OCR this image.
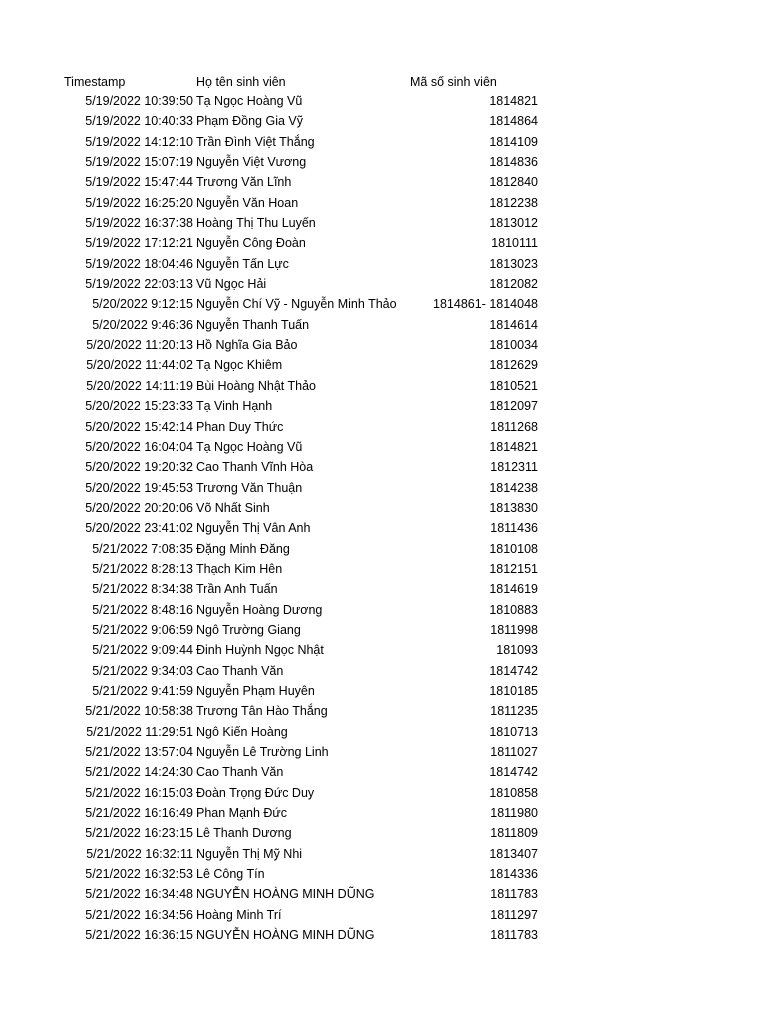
Timestamp	Họ tên sinh viên	Mã số sinh viên
5/19/2022 10:39:50 Tạ Ngọc Hoàng Vũ	1814821
5/19/2022 10:40:33 Phạm Đồng Gia Vỹ	1814864
5/19/2022 14:12:10 Trần Đình Việt Thắng	1814109
5/19/2022 15:07:19 Nguyễn Việt Vương	1814836
5/19/2022 15:47:44 Trương Văn Lĩnh	1812840
5/19/2022 16:25:20 Nguyễn Văn Hoan	1812238
5/19/2022 16:37:38 Hoàng Thị Thu Luyến	1813012
5/19/2022 17:12:21 Nguyễn Công Đoàn	1810111
5/19/2022 18:04:46 Nguyễn Tấn Lực	1813023
5/19/2022 22:03:13 Vũ Ngọc Hải	1812082
5/20/2022 9:12:15 Nguyễn Chí Vỹ - Nguyễn Minh Thảo	1814861- 1814048
5/20/2022 9:46:36 Nguyễn Thanh Tuấn	1814614
5/20/2022 11:20:13 Hồ Nghĩa Gia Bảo	1810034
5/20/2022 11:44:02 Tạ Ngọc Khiêm	1812629
5/20/2022 14:11:19 Bùi Hoàng Nhật Thảo	1810521
5/20/2022 15:23:33 Tạ Vinh Hạnh	1812097
5/20/2022 15:42:14 Phan Duy Thức	1811268
5/20/2022 16:04:04 Tạ Ngọc Hoàng Vũ	1814821
5/20/2022 19:20:32 Cao Thanh Vĩnh Hòa	1812311
5/20/2022 19:45:53 Trương Văn Thuận	1814238
5/20/2022 20:20:06 Võ Nhất Sinh	1813830
5/20/2022 23:41:02 Nguyễn Thị Vân Anh	1811436
5/21/2022 7:08:35 Đặng Minh Đăng	1810108
5/21/2022 8:28:13 Thạch Kim Hên	1812151
5/21/2022 8:34:38 Trần Anh Tuấn	1814619
5/21/2022 8:48:16 Nguyễn Hoàng Dương	1810883
5/21/2022 9:06:59 Ngô Trường Giang	1811998
5/21/2022 9:09:44 Đinh Huỳnh Ngọc Nhật	181093
5/21/2022 9:34:03 Cao Thanh Văn	1814742
5/21/2022 9:41:59 Nguyễn Phạm Huyên	1810185
5/21/2022 10:58:38 Trương Tân Hào Thắng	1811235
5/21/2022 11:29:51 Ngô Kiến Hoàng	1810713
5/21/2022 13:57:04 Nguyễn Lê Trường Linh	1811027
5/21/2022 14:24:30 Cao Thanh Văn	1814742
5/21/2022 16:15:03 Đoàn Trọng Đức Duy	1810858
5/21/2022 16:16:49 Phan Mạnh Đức	1811980
5/21/2022 16:23:15 Lê Thanh Dương	1811809
5/21/2022 16:32:11 Nguyễn Thị Mỹ Nhi	1813407
5/21/2022 16:32:53 Lê Công Tín	1814336
5/21/2022 16:34:48 NGUYỄN HOÀNG MINH DŨNG	1811783
5/21/2022 16:34:56 Hoàng Minh Trí	1811297
5/21/2022 16:36:15 NGUYỄN HOÀNG MINH DŨNG	1811783
